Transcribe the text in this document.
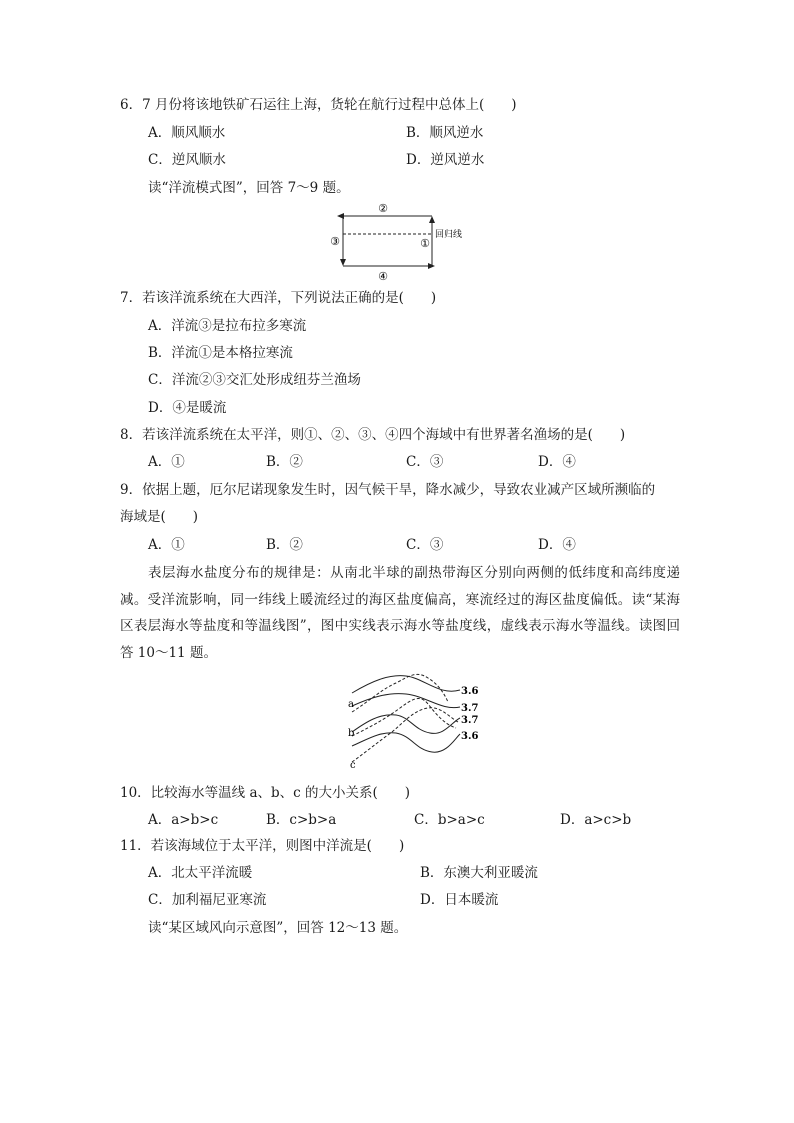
6．7 月份将该地铁矿石运往上海，货轮在航行过程中总体上(　　)
A．顺风顺水	B．顺风逆水
C．逆风顺水	D．逆风逆水
读“洋流模式图”，回答 7～9 题。
②
④
③	①
回归线
7．若该洋流系统在大西洋，下列说法正确的是(　　)
A．洋流③是拉布拉多寒流
B．洋流①是本格拉寒流
C．洋流②③交汇处形成纽芬兰渔场
D．④是暖流
8．若该洋流系统在太平洋，则①、②、③、④四个海域中有世界著名渔场的是(　　)
A．①	B．②	C．③	D．④
9．依据上题，厄尔尼诺现象发生时，因气候干旱，降水减少，导致农业减产区域所濒临的
海域是(　　)
A．①	B．②	C．③	D．④
表层海水盐度分布的规律是：从南北半球的副热带海区分别向两侧的低纬度和高纬度递减。受洋流影响，同一纬线上暖流经过的海区盐度偏高，寒流经过的海区盐度偏低。读“某海区表层海水等盐度和等温线图”，图中实线表示海水等盐度线，虚线表示海水等温线。读图回答 10～11 题。
3.6
3.7
3.7
3.6
a
b
c
10．比较海水等温线 a、b、c 的大小关系(　　)
A．a>b>c	B．c>b>a	C．b>a>c	D．a>c>b
11．若该海域位于太平洋，则图中洋流是(　　)
A．北太平洋流暖	B．东澳大利亚暖流
C．加利福尼亚寒流	D．日本暖流
读“某区域风向示意图”，回答 12～13 题。
